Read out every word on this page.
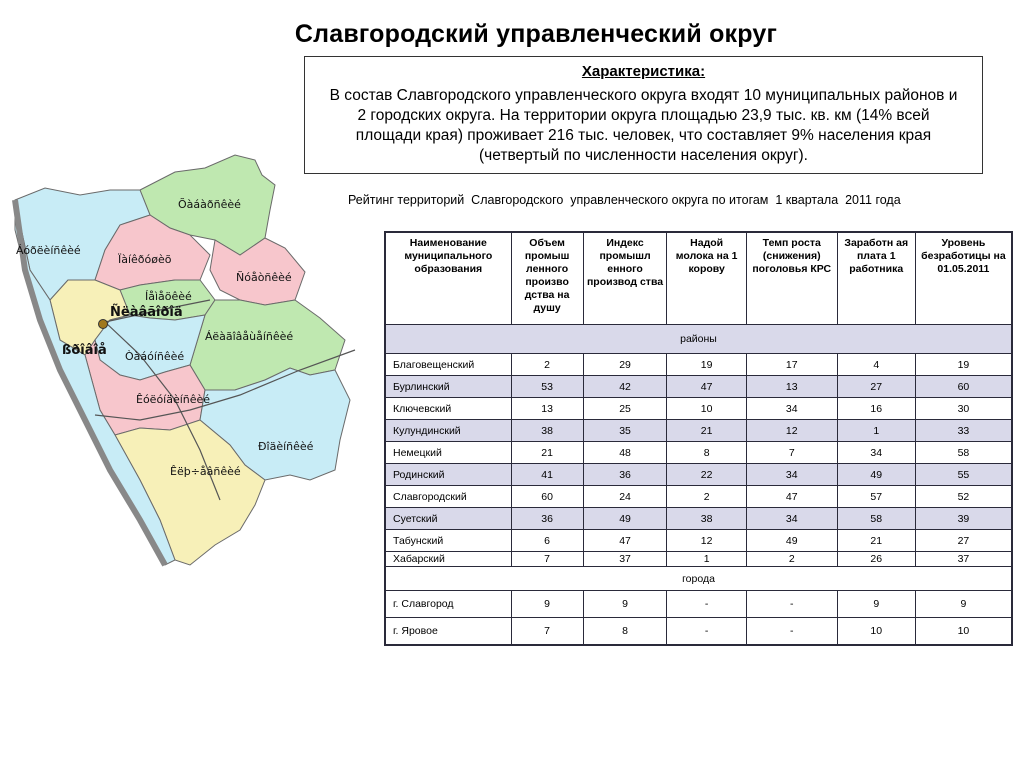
Славгородский управленческий округ
Характеристика:
В состав Славгородского управленческого округа входят 10 муниципальных районов и 2 городских округа. На территории округа площадью 23,9 тыс. кв. км (14% всей площади края) проживает 216 тыс. человек, что составляет 9% населения края (четвертый по численности населения округ).
Рейтинг территорий  Славгородского  управленческого округа по итогам  1 квартала  2011 года
Наименование муниципального образования	Объем промыш ленного произво дства на душу	Индекс промышл енного производ ства	Надой молока на 1 корову	Темп роста (снижения) поголовья КРС	Заработн ая плата 1 работника	Уровень безработицы на 01.05.2011
районы						
Благовещенский	2	29	19	17	4	19
Бурлинский	53	42	47	13	27	60
Ключевский	13	25	10	34	16	30
Кулундинский	38	35	21	12	1	33
Немецкий	21	48	8	7	34	58
Родинский	41	36	22	34	49	55
Славгородский	60	24	2	47	57	52
Суетский	36	49	38	34	58	39
Табунский	6	47	12	49	21	27
Хабарский	7	37	1	2	26	37
города						
г. Славгород	9	9	-	-	9	9
г. Яровое	7	8	-	-	10	10
Õàáàðñêèé
Áóðëèíñêèé
Ïàíêðóøèõ
Ñóåòñêèé
Íåìåöêèé
Ñëàâãîðîä
ßðîâîå
Áëàãîâåùåíñêèé
Òàáóíñêèé
Êóëóíäèíñêèé
Ðîäèíñêèé
Êëþ÷åâñêèé
